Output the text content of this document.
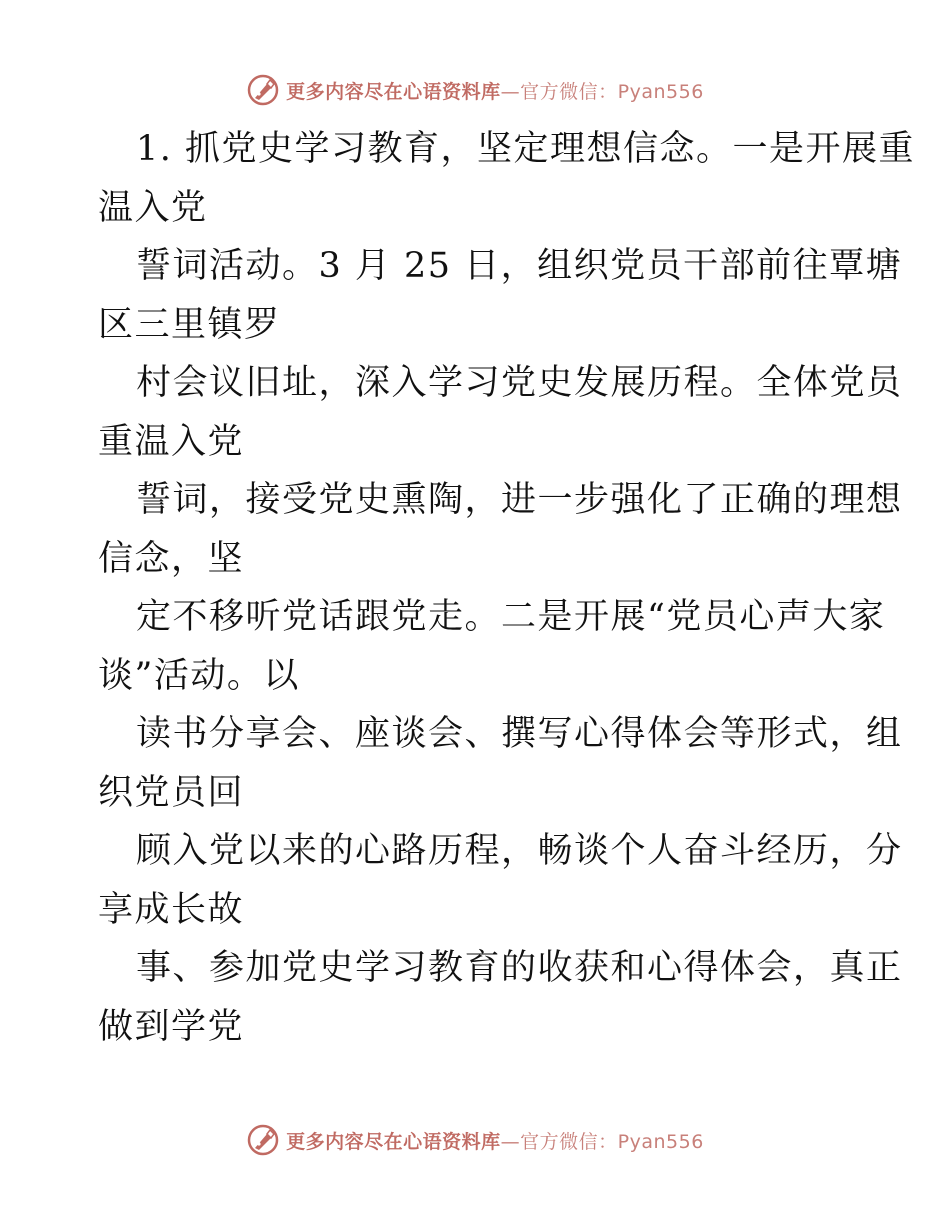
更多内容尽在心语资料库—官方微信：Pyan556
1. 抓党史学习教育，坚定理想信念。一是开展重
温入党
誓词活动。3 月 25 日，组织党员干部前往覃塘
区三里镇罗
村会议旧址，深入学习党史发展历程。全体党员
重温入党
誓词，接受党史熏陶，进一步强化了正确的理想
信念，坚
定不移听党话跟党走。二是开展“党员心声大家
谈”活动。以
读书分享会、座谈会、撰写心得体会等形式，组
织党员回
顾入党以来的心路历程，畅谈个人奋斗经历，分
享成长故
事、参加党史学习教育的收获和心得体会，真正
做到学党
更多内容尽在心语资料库—官方微信：Pyan556
